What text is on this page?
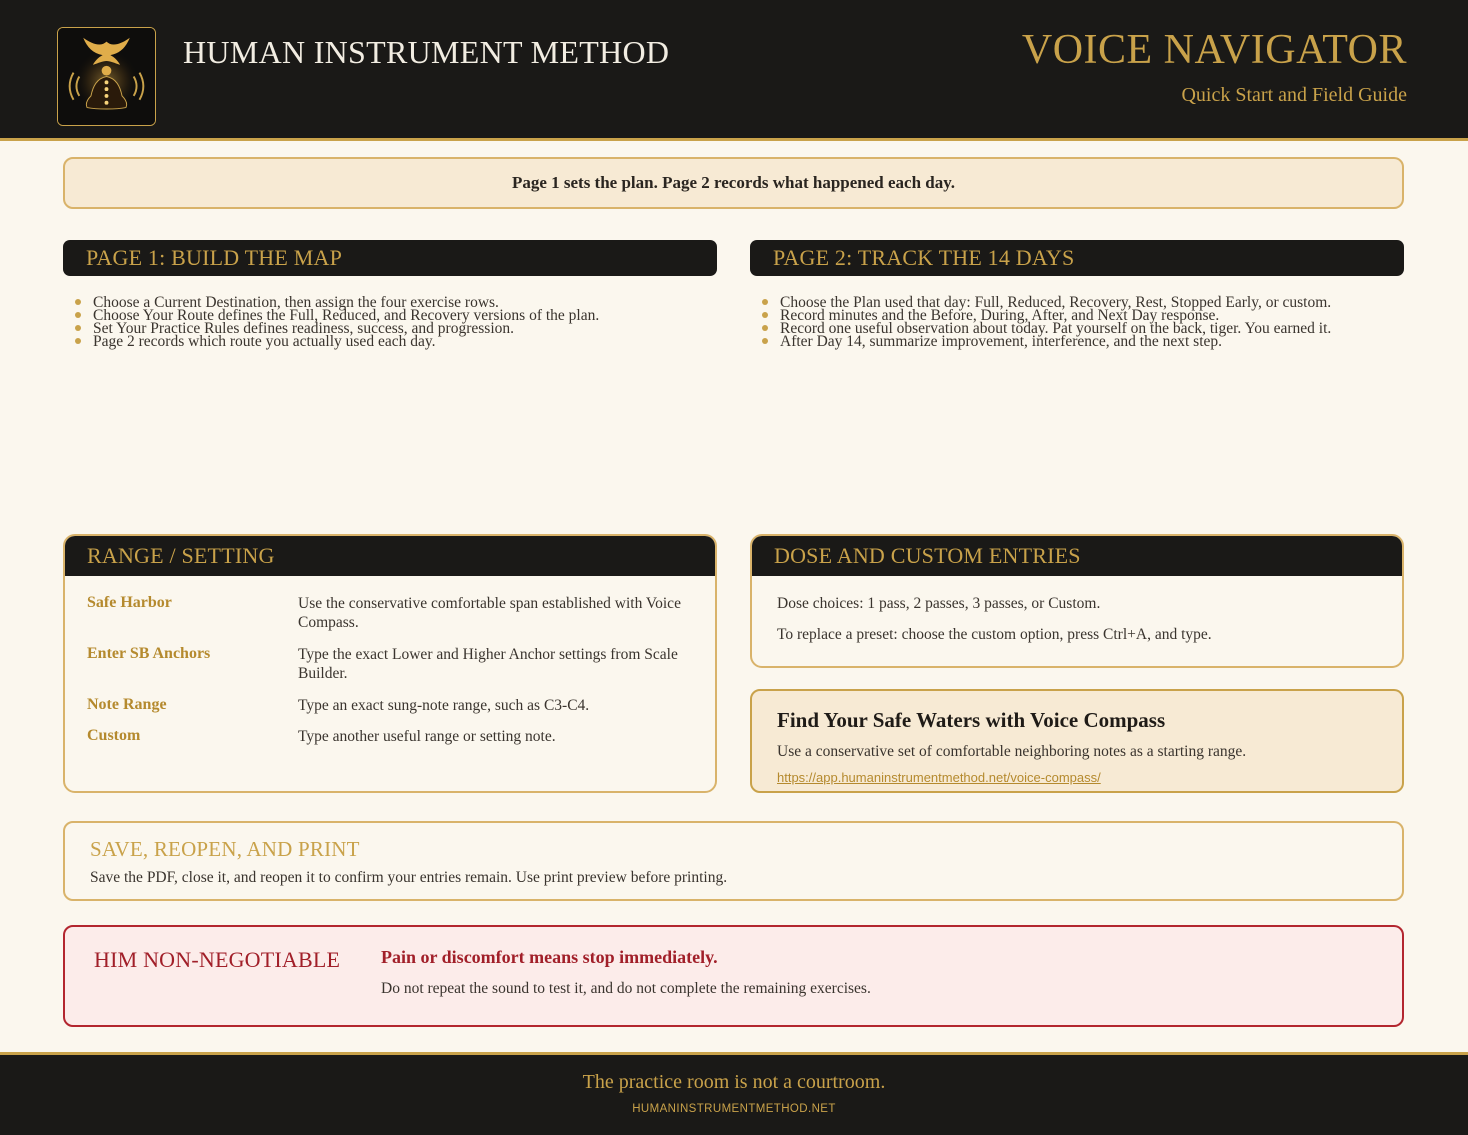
HUMAN INSTRUMENT METHOD	VOICE NAVIGATOR
Quick Start and Field Guide
Page 1 sets the plan. Page 2 records what happened each day.
PAGE 1: BUILD THE MAP
Choose a Current Destination, then assign the four exercise rows.
Choose Your Route defines the Full, Reduced, and Recovery versions of the plan.
Set Your Practice Rules defines readiness, success, and progression.
Page 2 records which route you actually used each day.
PAGE 2: TRACK THE 14 DAYS
Choose the Plan used that day: Full, Reduced, Recovery, Rest, Stopped Early, or custom.
Record minutes and the Before, During, After, and Next Day response.
Record one useful observation about today. Pat yourself on the back, tiger. You earned it.
After Day 14, summarize improvement, interference, and the next step.
RANGE / SETTING
Safe Harbor	Use the conservative comfortable span established with Voice Compass.
Enter SB Anchors	Type the exact Lower and Higher Anchor settings from Scale Builder.
Note Range	Type an exact sung-note range, such as C3-C4.
Custom	Type another useful range or setting note.
DOSE AND CUSTOM ENTRIES
Dose choices: 1 pass, 2 passes, 3 passes, or Custom.
To replace a preset: choose the custom option, press Ctrl+A, and type.
Find Your Safe Waters with Voice Compass
Use a conservative set of comfortable neighboring notes as a starting range.
https://app.humaninstrumentmethod.net/voice-compass/
SAVE, REOPEN, AND PRINT
Save the PDF, close it, and reopen it to confirm your entries remain. Use print preview before printing.
HIM NON-NEGOTIABLE Pain or discomfort means stop immediately.
Do not repeat the sound to test it, and do not complete the remaining exercises.
The practice room is not a courtroom.
HUMANINSTRUMENTMETHOD.NET
